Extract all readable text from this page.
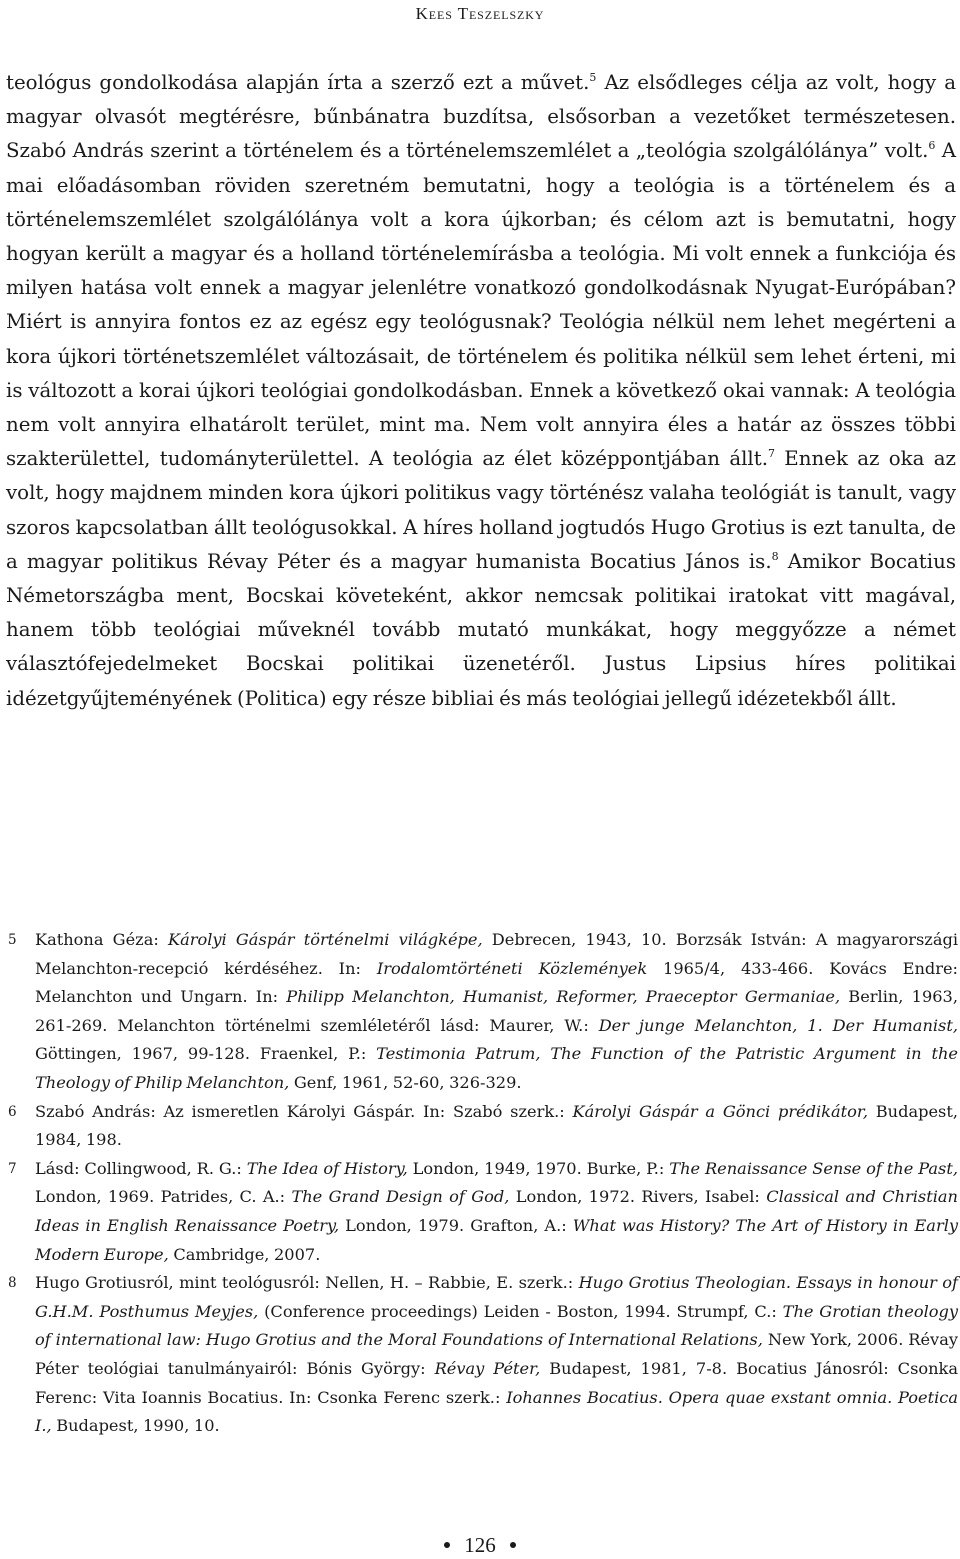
Kees Teszelszky

teológus gondolkodása alapján írta a szerző ezt a művet.$^5$ Az elsődleges célja az volt, hogy a magyar olvasót megtérésre, bűnbánatra buzdítsa, elsősorban a vezetőket természetesen. Szabó András szerint a történelem és a történelemszemlélet a „teológia szolgálólánya” volt.$^6$ A mai előadásomban röviden szeretném bemutatni, hogy a teológia is a történelem és a történelemszemlélet szolgálólánya volt a kora újkorban; és célom azt is bemutatni, hogy hogyan került a magyar és a holland történelemírásba a teológia. Mi volt ennek a funkciója és milyen hatása volt ennek a magyar jelenlétre vonatkozó gondolkodásnak Nyugat-Európában? Miért is annyira fontos ez az egész egy teológusnak? Teológia nélkül nem lehet megérteni a kora újkori történetszemlélet változásait, de történelem és politika nélkül sem lehet érteni, mi is változott a korai újkori teológiai gondolkodásban. Ennek a következő okai vannak: A teológia nem volt annyira elhatárolt terület, mint ma. Nem volt annyira éles a határ az összes többi szakterülettel, tudományterülettel. A teológia az élet középpontjában állt.$^7$ Ennek az oka az volt, hogy majdnem minden kora újkori politikus vagy történész valaha teológiát is tanult, vagy szoros kapcsolatban állt teológusokkal. A híres holland jogtudós Hugo Grotius is ezt tanulta, de a magyar politikus Révay Péter és a magyar humanista Bocatius János is.$^8$ Amikor Bocatius Németországba ment, Bocskai követeként, akkor nemcsak politikai iratokat vitt magával, hanem több teológiai műveknél tovább mutató munkákat, hogy meggyőzze a német választófejedelmeket Bocskai politikai üzenetéről. Justus Lipsius híres politikai idézetgyűjteményének (Politica) egy része bibliai és más teológiai jellegű idézetekből állt.

5	Kathona Géza: Károlyi Gáspár történelmi világképe, Debrecen, 1943, 10. Borzsák István: A magyarországi Melanchton-recepció kérdéséhez. In: Irodalomtörténeti Közlemények 1965/4, 433-466. Kovács Endre: Melanchton und Ungarn. In: Philipp Melanchton, Humanist, Reformer, Praeceptor Germaniae, Berlin, 1963, 261-269. Melanchton történelmi szemléletéről lásd: Maurer, W.: Der junge Melanchton, 1. Der Humanist, Göttingen, 1967, 99-128. Fraenkel, P.: Testimonia Patrum, The Function of the Patristic Argument in the Theology of Philip Melanchton, Genf, 1961, 52-60, 326-329.
6	Szabó András: Az ismeretlen Károlyi Gáspár. In: Szabó szerk.: Károlyi Gáspár a Gönci prédikátor, Budapest, 1984, 198.
7	Lásd: Collingwood, R. G.: The Idea of History, London, 1949, 1970. Burke, P.: The Renaissance Sense of the Past, London, 1969. Patrides, C. A.: The Grand Design of God, London, 1972. Rivers, Isabel: Classical and Christian Ideas in English Renaissance Poetry, London, 1979. Grafton, A.: What was History? The Art of History in Early Modern Europe, Cambridge, 2007.
8	Hugo Grotiusról, mint teológusról: Nellen, H. – Rabbie, E. szerk.: Hugo Grotius Theologian. Essays in honour of G.H.M. Posthumus Meyjes, (Conference proceedings) Leiden - Boston, 1994. Strumpf, C.: The Grotian theology of international law: Hugo Grotius and the Moral Foundations of International Relations, New York, 2006. Révay Péter teológiai tanulmányairól: Bónis György: Révay Péter, Budapest, 1981, 7-8. Bocatius Jánosról: Csonka Ferenc: Vita Ioannis Bocatius. In: Csonka Ferenc szerk.: Iohannes Bocatius. Opera quae exstant omnia. Poetica I., Budapest, 1990, 10.
126
